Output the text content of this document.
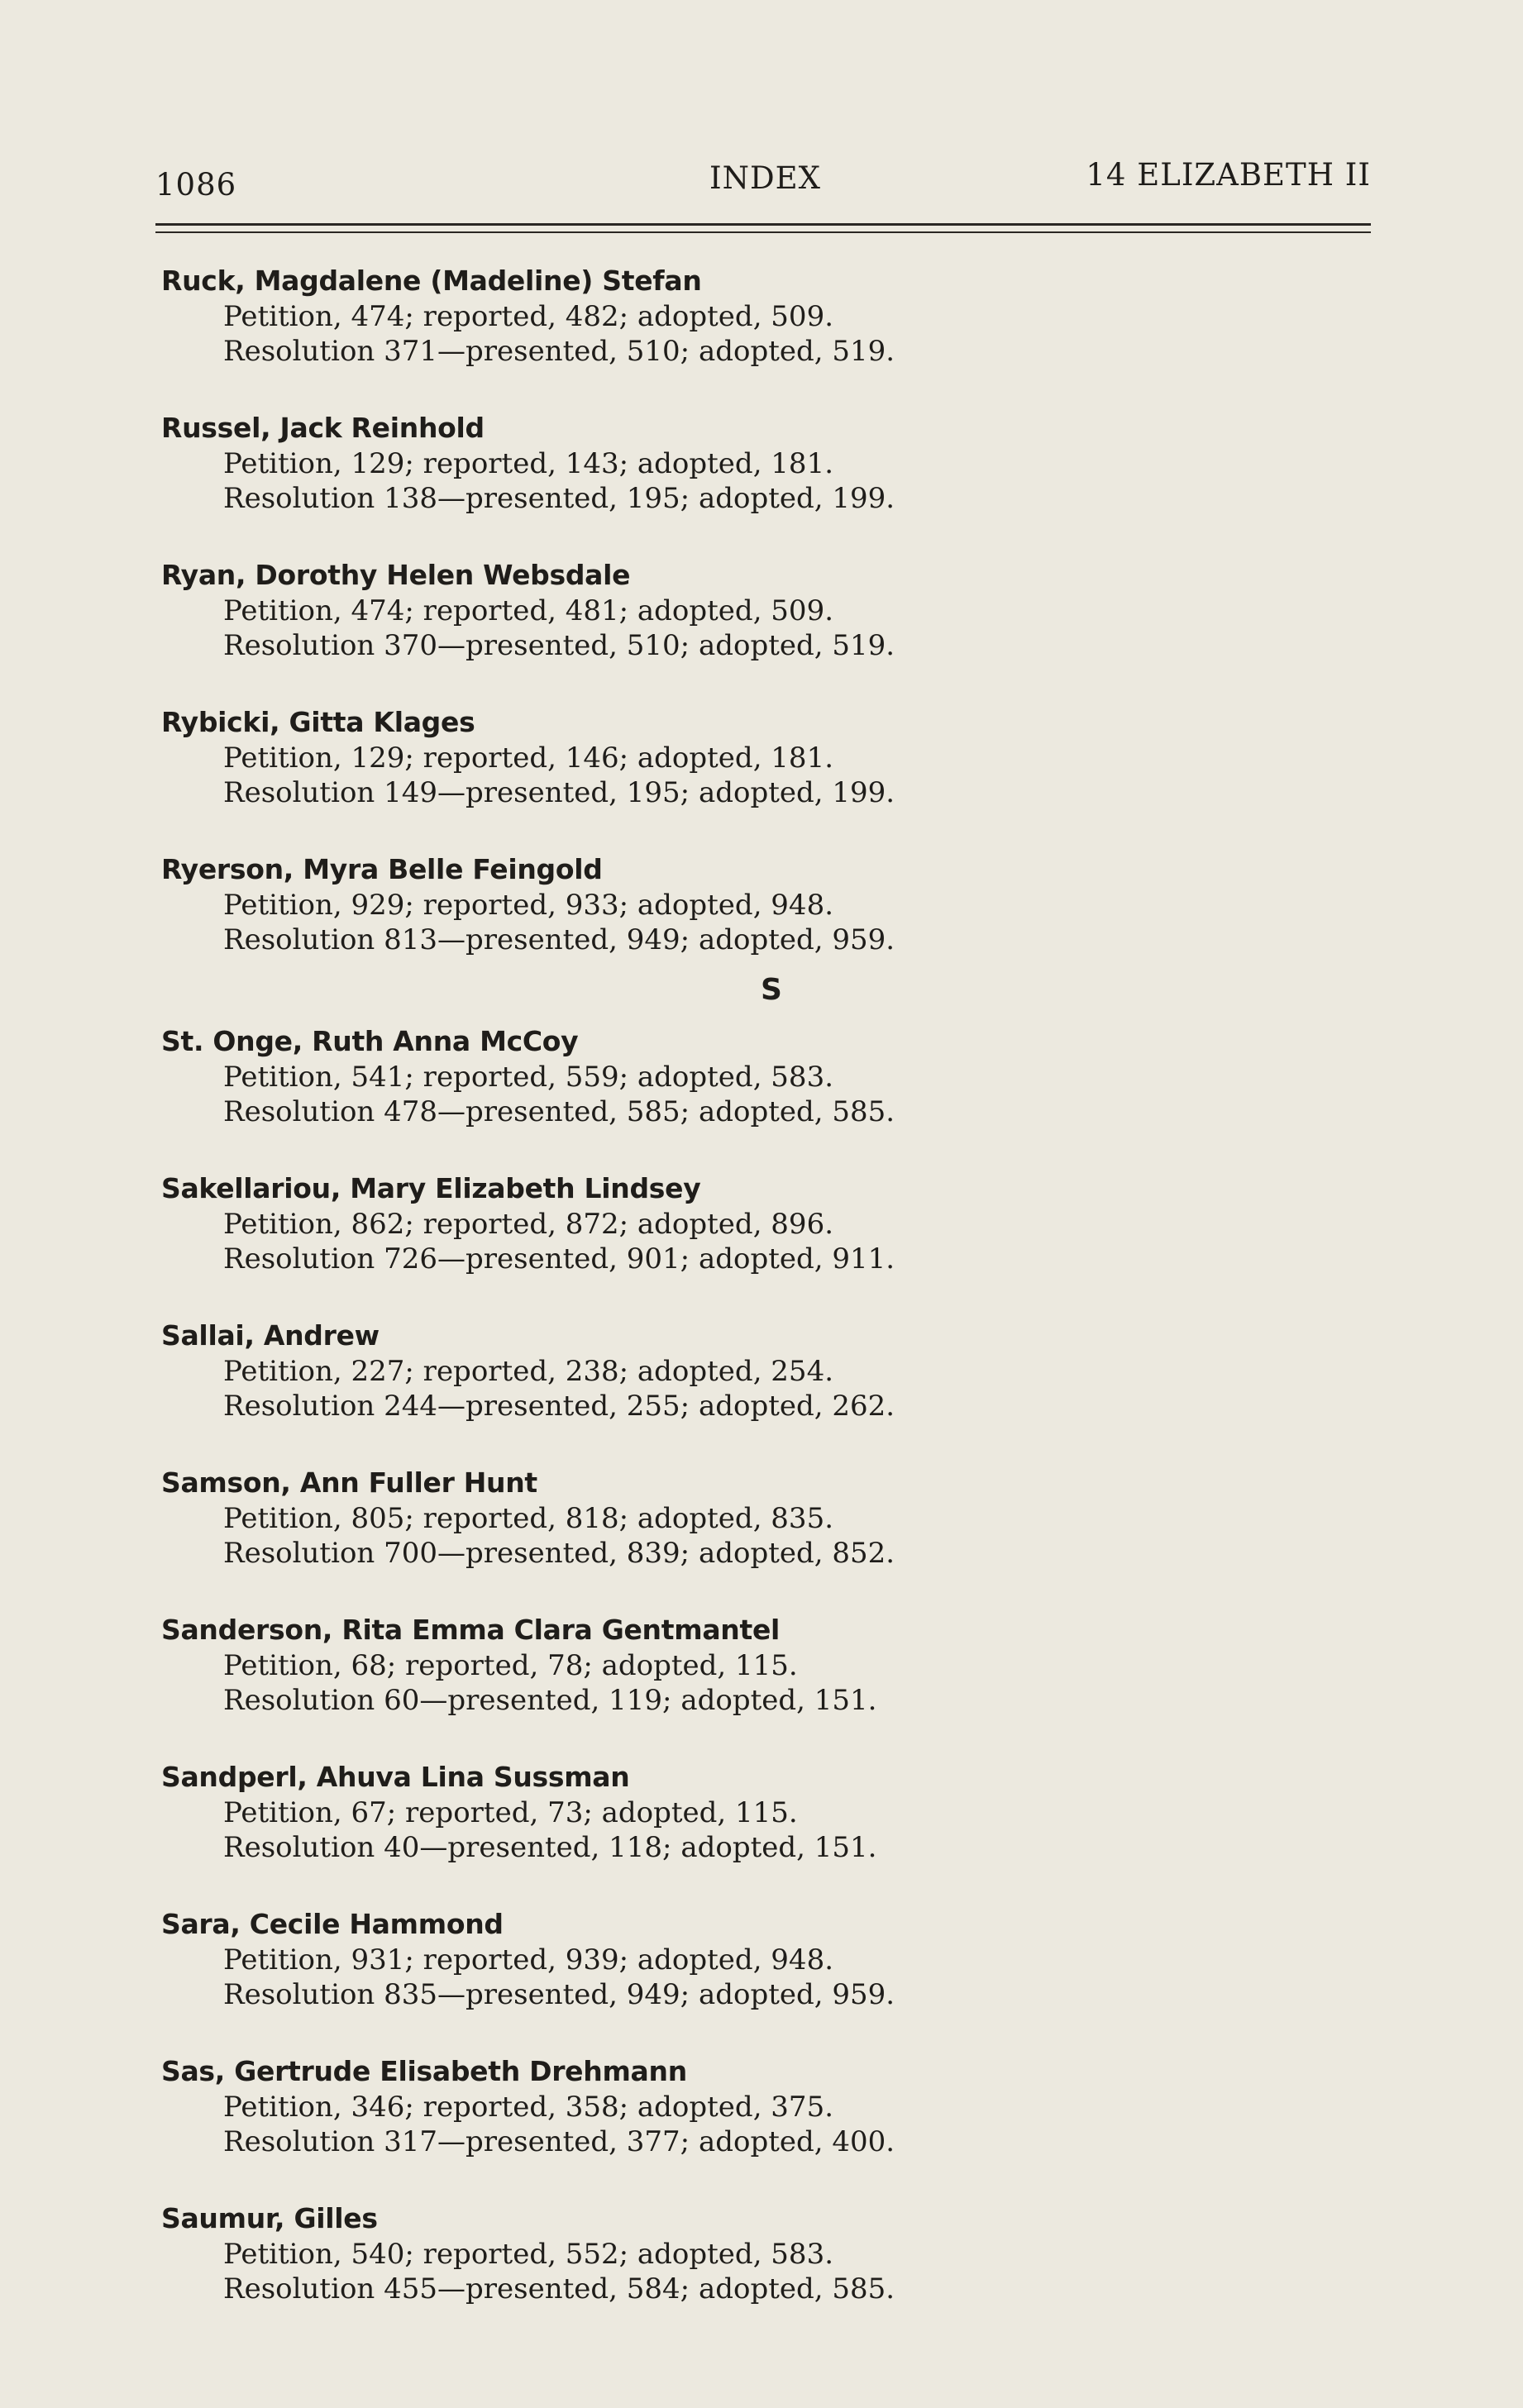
1086	INDEX	14 ELIZABETH II
Ruck, Magdalene (Madeline) Stefan
Petition, 474; reported, 482; adopted, 509.
Resolution 371—presented, 510; adopted, 519.
Russel, Jack Reinhold
Petition, 129; reported, 143; adopted, 181.
Resolution 138—presented, 195; adopted, 199.
Ryan, Dorothy Helen Websdale
Petition, 474; reported, 481; adopted, 509.
Resolution 370—presented, 510; adopted, 519.
Rybicki, Gitta Klages
Petition, 129; reported, 146; adopted, 181.
Resolution 149—presented, 195; adopted, 199.
Ryerson, Myra Belle Feingold
Petition, 929; reported, 933; adopted, 948.
Resolution 813—presented, 949; adopted, 959.
S
St. Onge, Ruth Anna McCoy
Petition, 541; reported, 559; adopted, 583.
Resolution 478—presented, 585; adopted, 585.
Sakellariou, Mary Elizabeth Lindsey
Petition, 862; reported, 872; adopted, 896.
Resolution 726—presented, 901; adopted, 911.
Sallai, Andrew
Petition, 227; reported, 238; adopted, 254.
Resolution 244—presented, 255; adopted, 262.
Samson, Ann Fuller Hunt
Petition, 805; reported, 818; adopted, 835.
Resolution 700—presented, 839; adopted, 852.
Sanderson, Rita Emma Clara Gentmantel
Petition, 68; reported, 78; adopted, 115.
Resolution 60—presented, 119; adopted, 151.
Sandperl, Ahuva Lina Sussman
Petition, 67; reported, 73; adopted, 115.
Resolution 40—presented, 118; adopted, 151.
Sara, Cecile Hammond
Petition, 931; reported, 939; adopted, 948.
Resolution 835—presented, 949; adopted, 959.
Sas, Gertrude Elisabeth Drehmann
Petition, 346; reported, 358; adopted, 375.
Resolution 317—presented, 377; adopted, 400.
Saumur, Gilles
Petition, 540; reported, 552; adopted, 583.
Resolution 455—presented, 584; adopted, 585.
